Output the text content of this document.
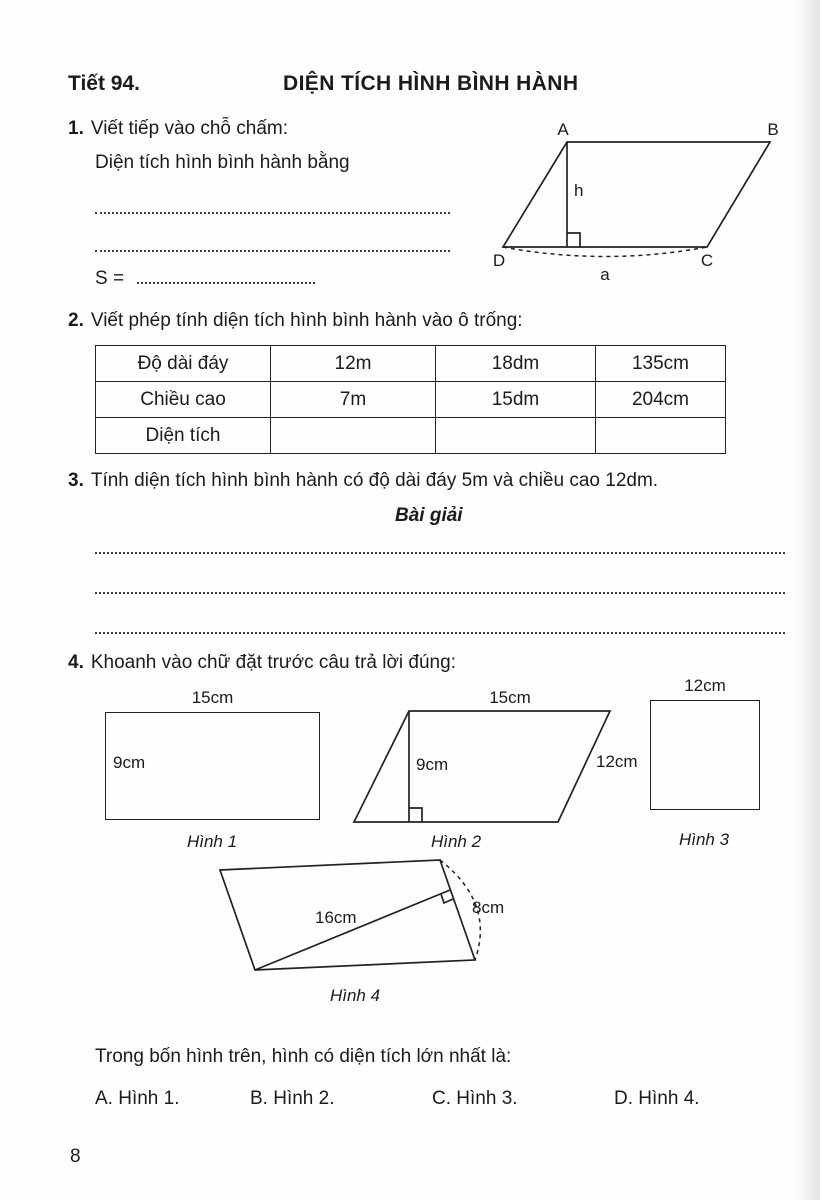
Tiết 94.	DIỆN TÍCH HÌNH BÌNH HÀNH
1. Viết tiếp vào chỗ chấm:
Diện tích hình bình hành bằng
S =
A	B
C
D
h
a
2. Viết phép tính diện tích hình bình hành vào ô trống:
Độ dài đáy	12m	18dm	135cm
Chiều cao	7m	15dm	204cm
Diện tích			
3. Tính diện tích hình bình hành có độ dài đáy 5m và chiều cao 12dm.
Bài giải
4. Khoanh vào chữ đặt trước câu trả lời đúng:
15cm
9cm
Hình 1
15cm
9cm
Hình 2
12cm
12cm
Hình 3
16cm
8cm
Hình 4
Trong bốn hình trên, hình có diện tích lớn nhất là:
A. Hình 1.	B. Hình 2.	C. Hình 3.	D. Hình 4.
8
